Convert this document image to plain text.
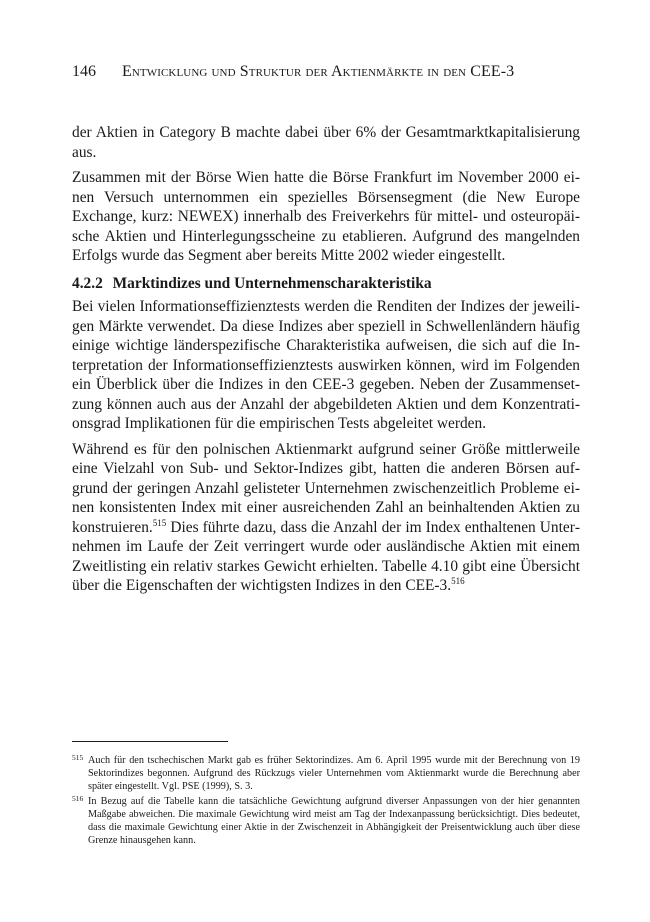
146 Entwicklung und Struktur der Aktienmärkte in den CEE-3

der Aktien in Category B machte dabei über 6% der Gesamtmarktkapitalisierung aus.

Zusammen mit der Börse Wien hatte die Börse Frankfurt im November 2000 einen Versuch unternommen ein spezielles Börsensegment (die New Europe Exchange, kurz: NEWEX) innerhalb des Freiverkehrs für mittel- und osteuropäische Aktien und Hinterlegungsscheine zu etablieren. Aufgrund des mangelnden Erfolgs wurde das Segment aber bereits Mitte 2002 wieder eingestellt.

4.2.2 Marktindizes und Unternehmenscharakteristika

Bei vielen Informationseffizienztests werden die Renditen der Indizes der jeweiligen Märkte verwendet. Da diese Indizes aber speziell in Schwellenländern häufig einige wichtige länderspezifische Charakteristika aufweisen, die sich auf die Interpretation der Informationseffizienztests auswirken können, wird im Folgenden ein Überblick über die Indizes in den CEE-3 gegeben. Neben der Zusammensetzung können auch aus der Anzahl der abgebildeten Aktien und dem Konzentrationsgrad Implikationen für die empirischen Tests abgeleitet werden.

Während es für den polnischen Aktienmarkt aufgrund seiner Größe mittlerweile eine Vielzahl von Sub- und Sektor-Indizes gibt, hatten die anderen Börsen aufgrund der geringen Anzahl gelisteter Unternehmen zwischenzeitlich Probleme einen konsistenten Index mit einer ausreichenden Zahl an beinhaltenden Aktien zu konstruieren.$^{515}$ Dies führte dazu, dass die Anzahl der im Index enthaltenen Unternehmen im Laufe der Zeit verringert wurde oder ausländische Aktien mit einem Zweitlisting ein relativ starkes Gewicht erhielten. Tabelle 4.10 gibt eine Übersicht über die Eigenschaften der wichtigsten Indizes in den CEE-3.$^{516}$

515 Auch für den tschechischen Markt gab es früher Sektorindizes. Am 6. April 1995 wurde mit der Berechnung von 19 Sektorindizes begonnen. Aufgrund des Rückzugs vieler Unternehmen vom Aktienmarkt wurde die Berechnung aber später eingestellt. Vgl. PSE (1999), S. 3.
516 In Bezug auf die Tabelle kann die tatsächliche Gewichtung aufgrund diverser Anpassungen von der hier genannten Maßgabe abweichen. Die maximale Gewichtung wird meist am Tag der Indexanpassung berücksichtigt. Dies bedeutet, dass die maximale Gewichtung einer Aktie in der Zwischenzeit in Abhängigkeit der Preisentwicklung auch über diese Grenze hinausgehen kann.
